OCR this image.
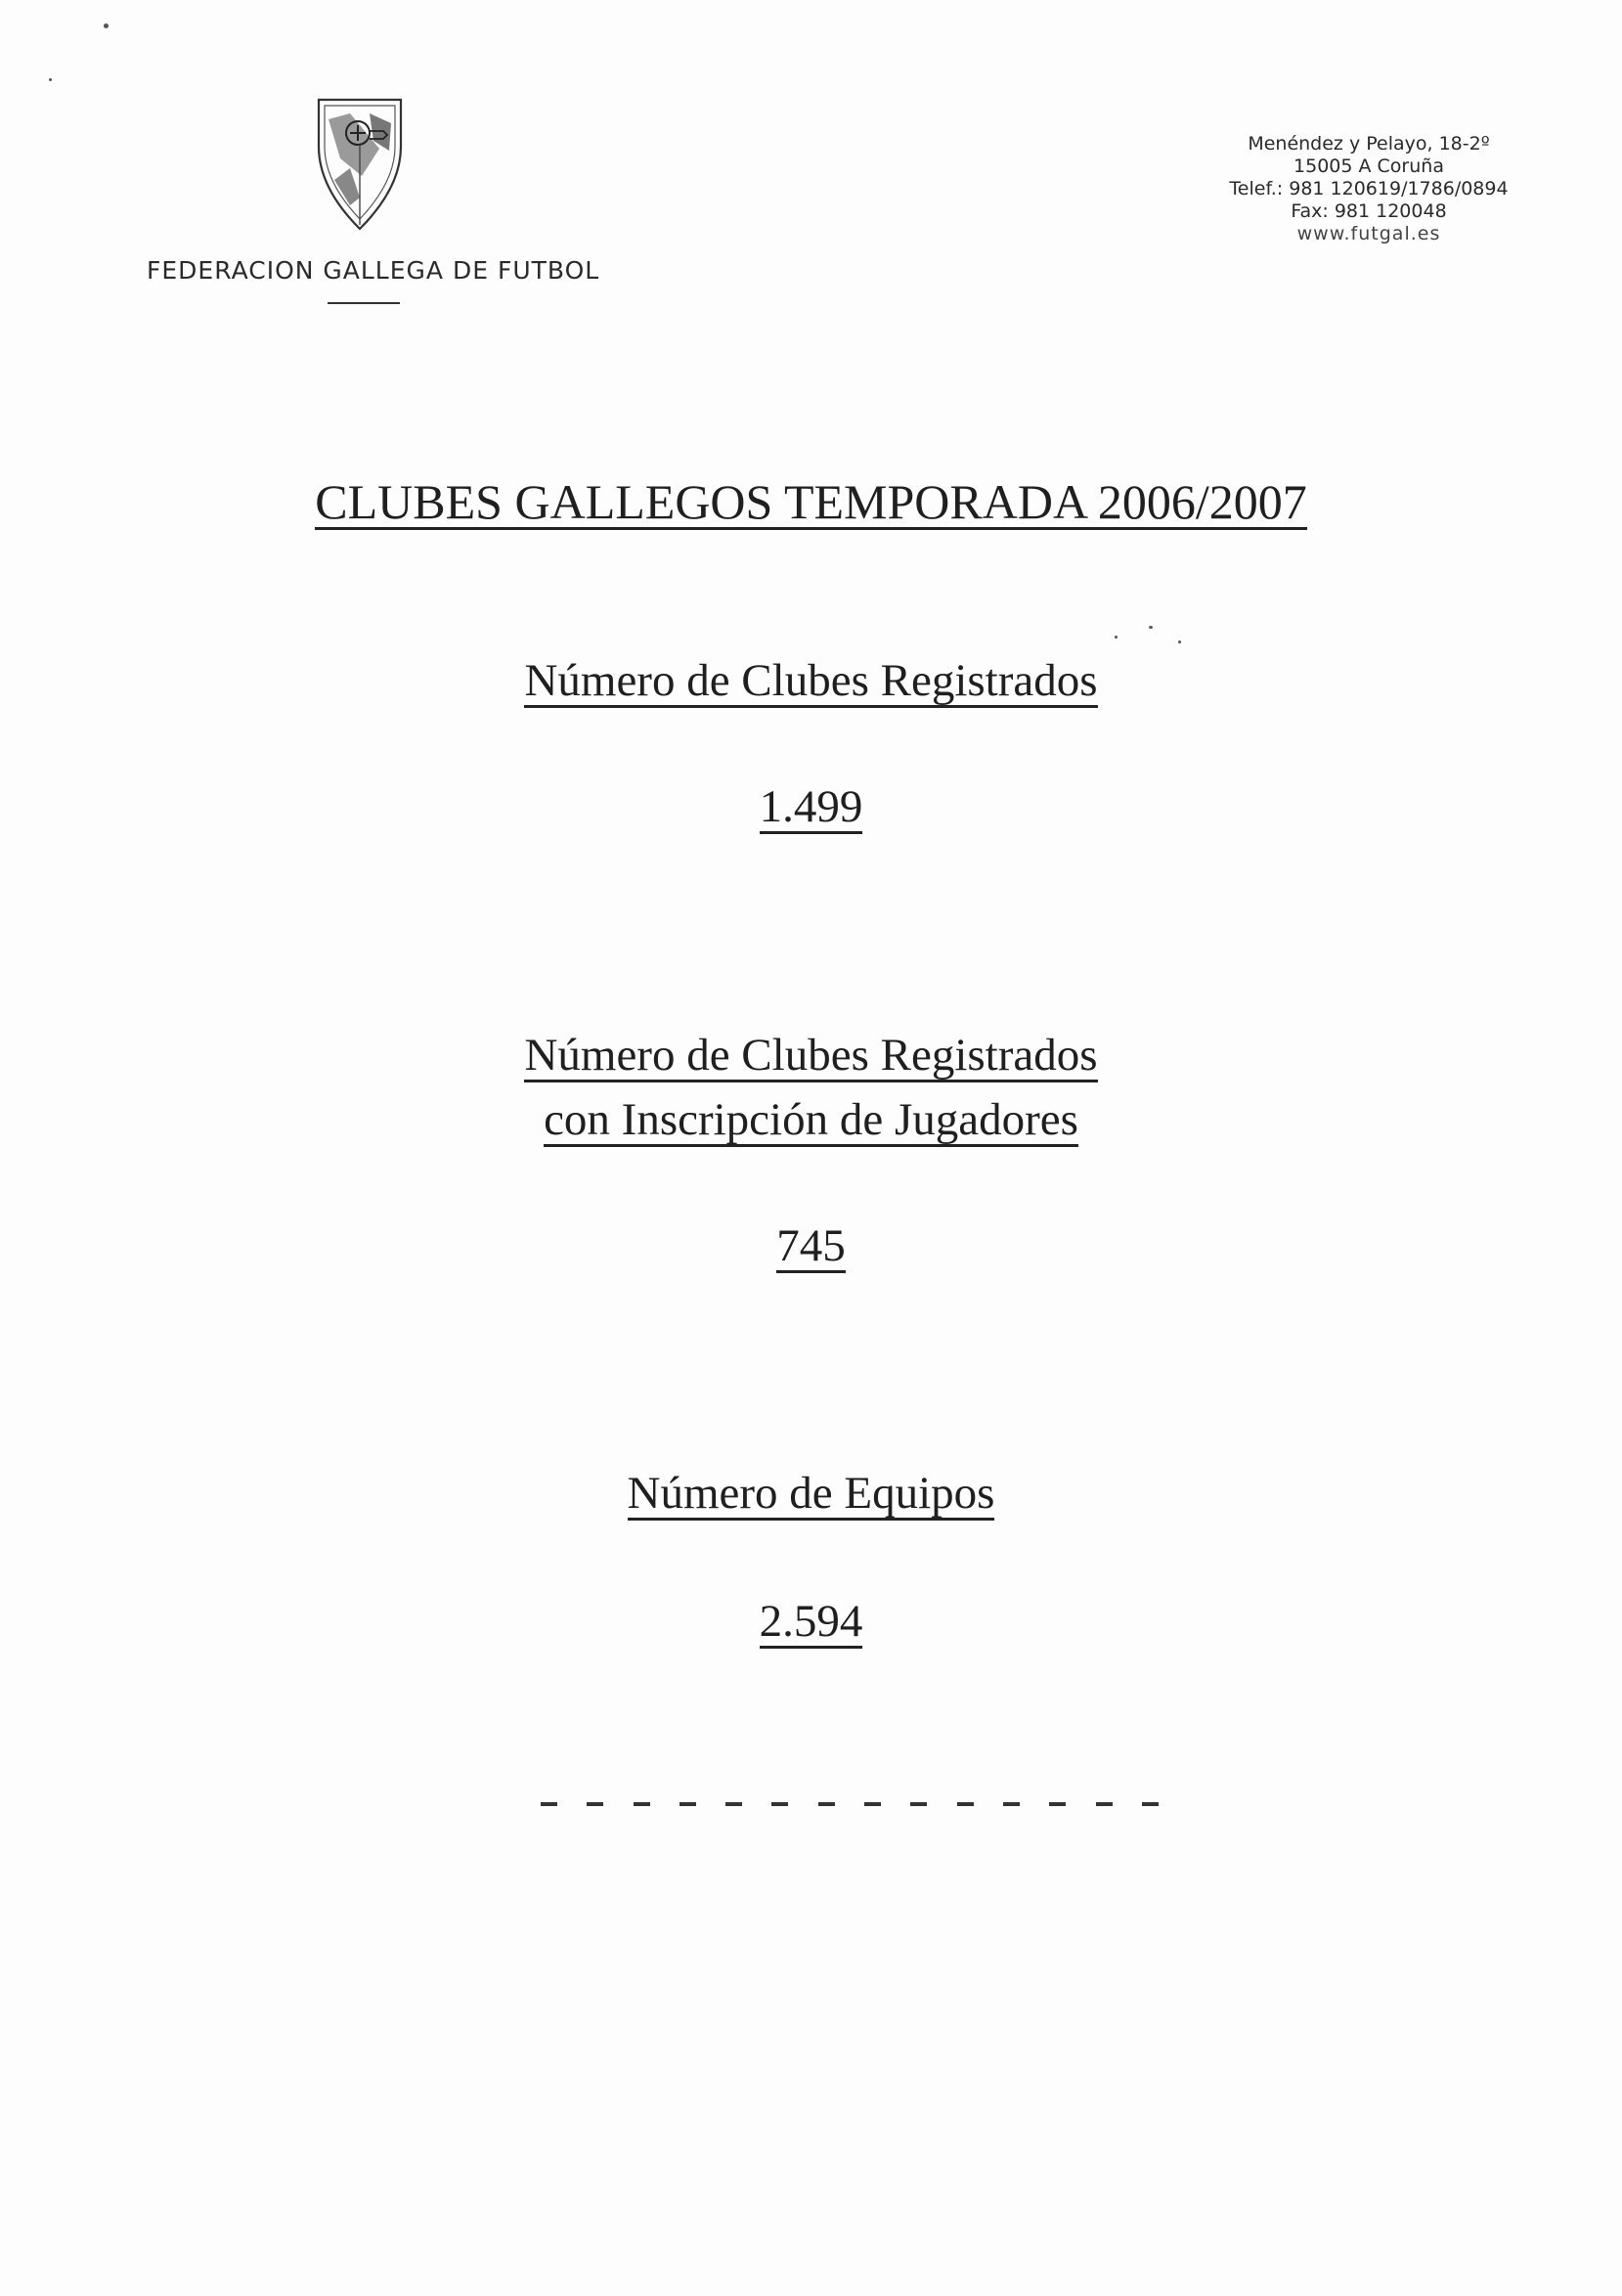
FEDERACION GALLEGA DE FUTBOL
Menéndez y Pelayo, 18-2º
15005 A Coruña
Telef.: 981 120619/1786/0894
Fax: 981 120048
www.futgal.es
CLUBES GALLEGOS TEMPORADA 2006/2007
Número de Clubes Registrados
1.499
Número de Clubes Registrados
con Inscripción de Jugadores
745
Número de Equipos
2.594
